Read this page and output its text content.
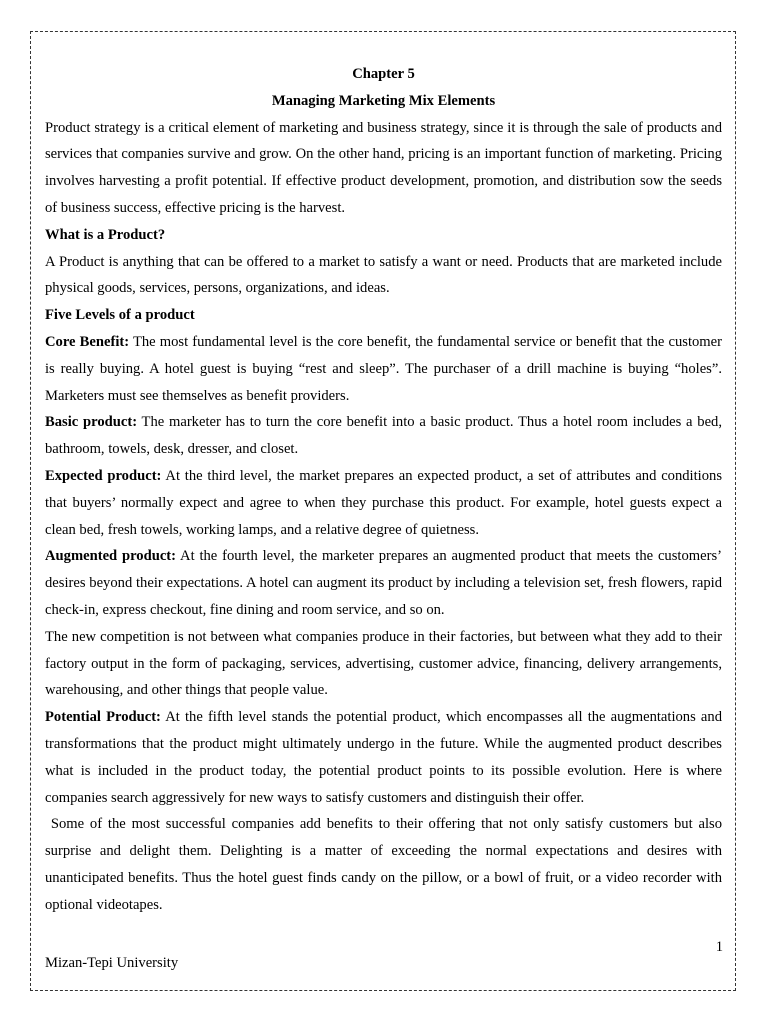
Chapter 5
Managing Marketing Mix Elements

Product strategy is a critical element of marketing and business strategy, since it is through the sale of products and services that companies survive and grow. On the other hand, pricing is an important function of marketing. Pricing involves harvesting a profit potential. If effective product development, promotion, and distribution sow the seeds of business success, effective pricing is the harvest.

What is a Product?

A Product is anything that can be offered to a market to satisfy a want or need. Products that are marketed include physical goods, services, persons, organizations, and ideas.

Five Levels of a product

Core Benefit: The most fundamental level is the core benefit, the fundamental service or benefit that the customer is really buying. A hotel guest is buying “rest and sleep”. The purchaser of a drill machine is buying “holes”. Marketers must see themselves as benefit providers.

Basic product: The marketer has to turn the core benefit into a basic product. Thus a hotel room includes a bed, bathroom, towels, desk, dresser, and closet.

Expected product: At the third level, the market prepares an expected product, a set of attributes and conditions that buyers’ normally expect and agree to when they purchase this product. For example, hotel guests expect a clean bed, fresh towels, working lamps, and a relative degree of quietness.

Augmented product: At the fourth level, the marketer prepares an augmented product that meets the customers’ desires beyond their expectations. A hotel can augment its product by including a television set, fresh flowers, rapid check-in, express checkout, fine dining and room service, and so on.

The new competition is not between what companies produce in their factories, but between what they add to their factory output in the form of packaging, services, advertising, customer advice, financing, delivery arrangements, warehousing, and other things that people value.

Potential Product: At the fifth level stands the potential product, which encompasses all the augmentations and transformations that the product might ultimately undergo in the future. While the augmented product describes what is included in the product today, the potential product points to its possible evolution. Here is where companies search aggressively for new ways to satisfy customers and distinguish their offer.

Some of the most successful companies add benefits to their offering that not only satisfy customers but also surprise and delight them. Delighting is a matter of exceeding the normal expectations and desires with unanticipated benefits. Thus the hotel guest finds candy on the pillow, or a bowl of fruit, or a video recorder with optional videotapes.

1
Mizan-Tepi University
